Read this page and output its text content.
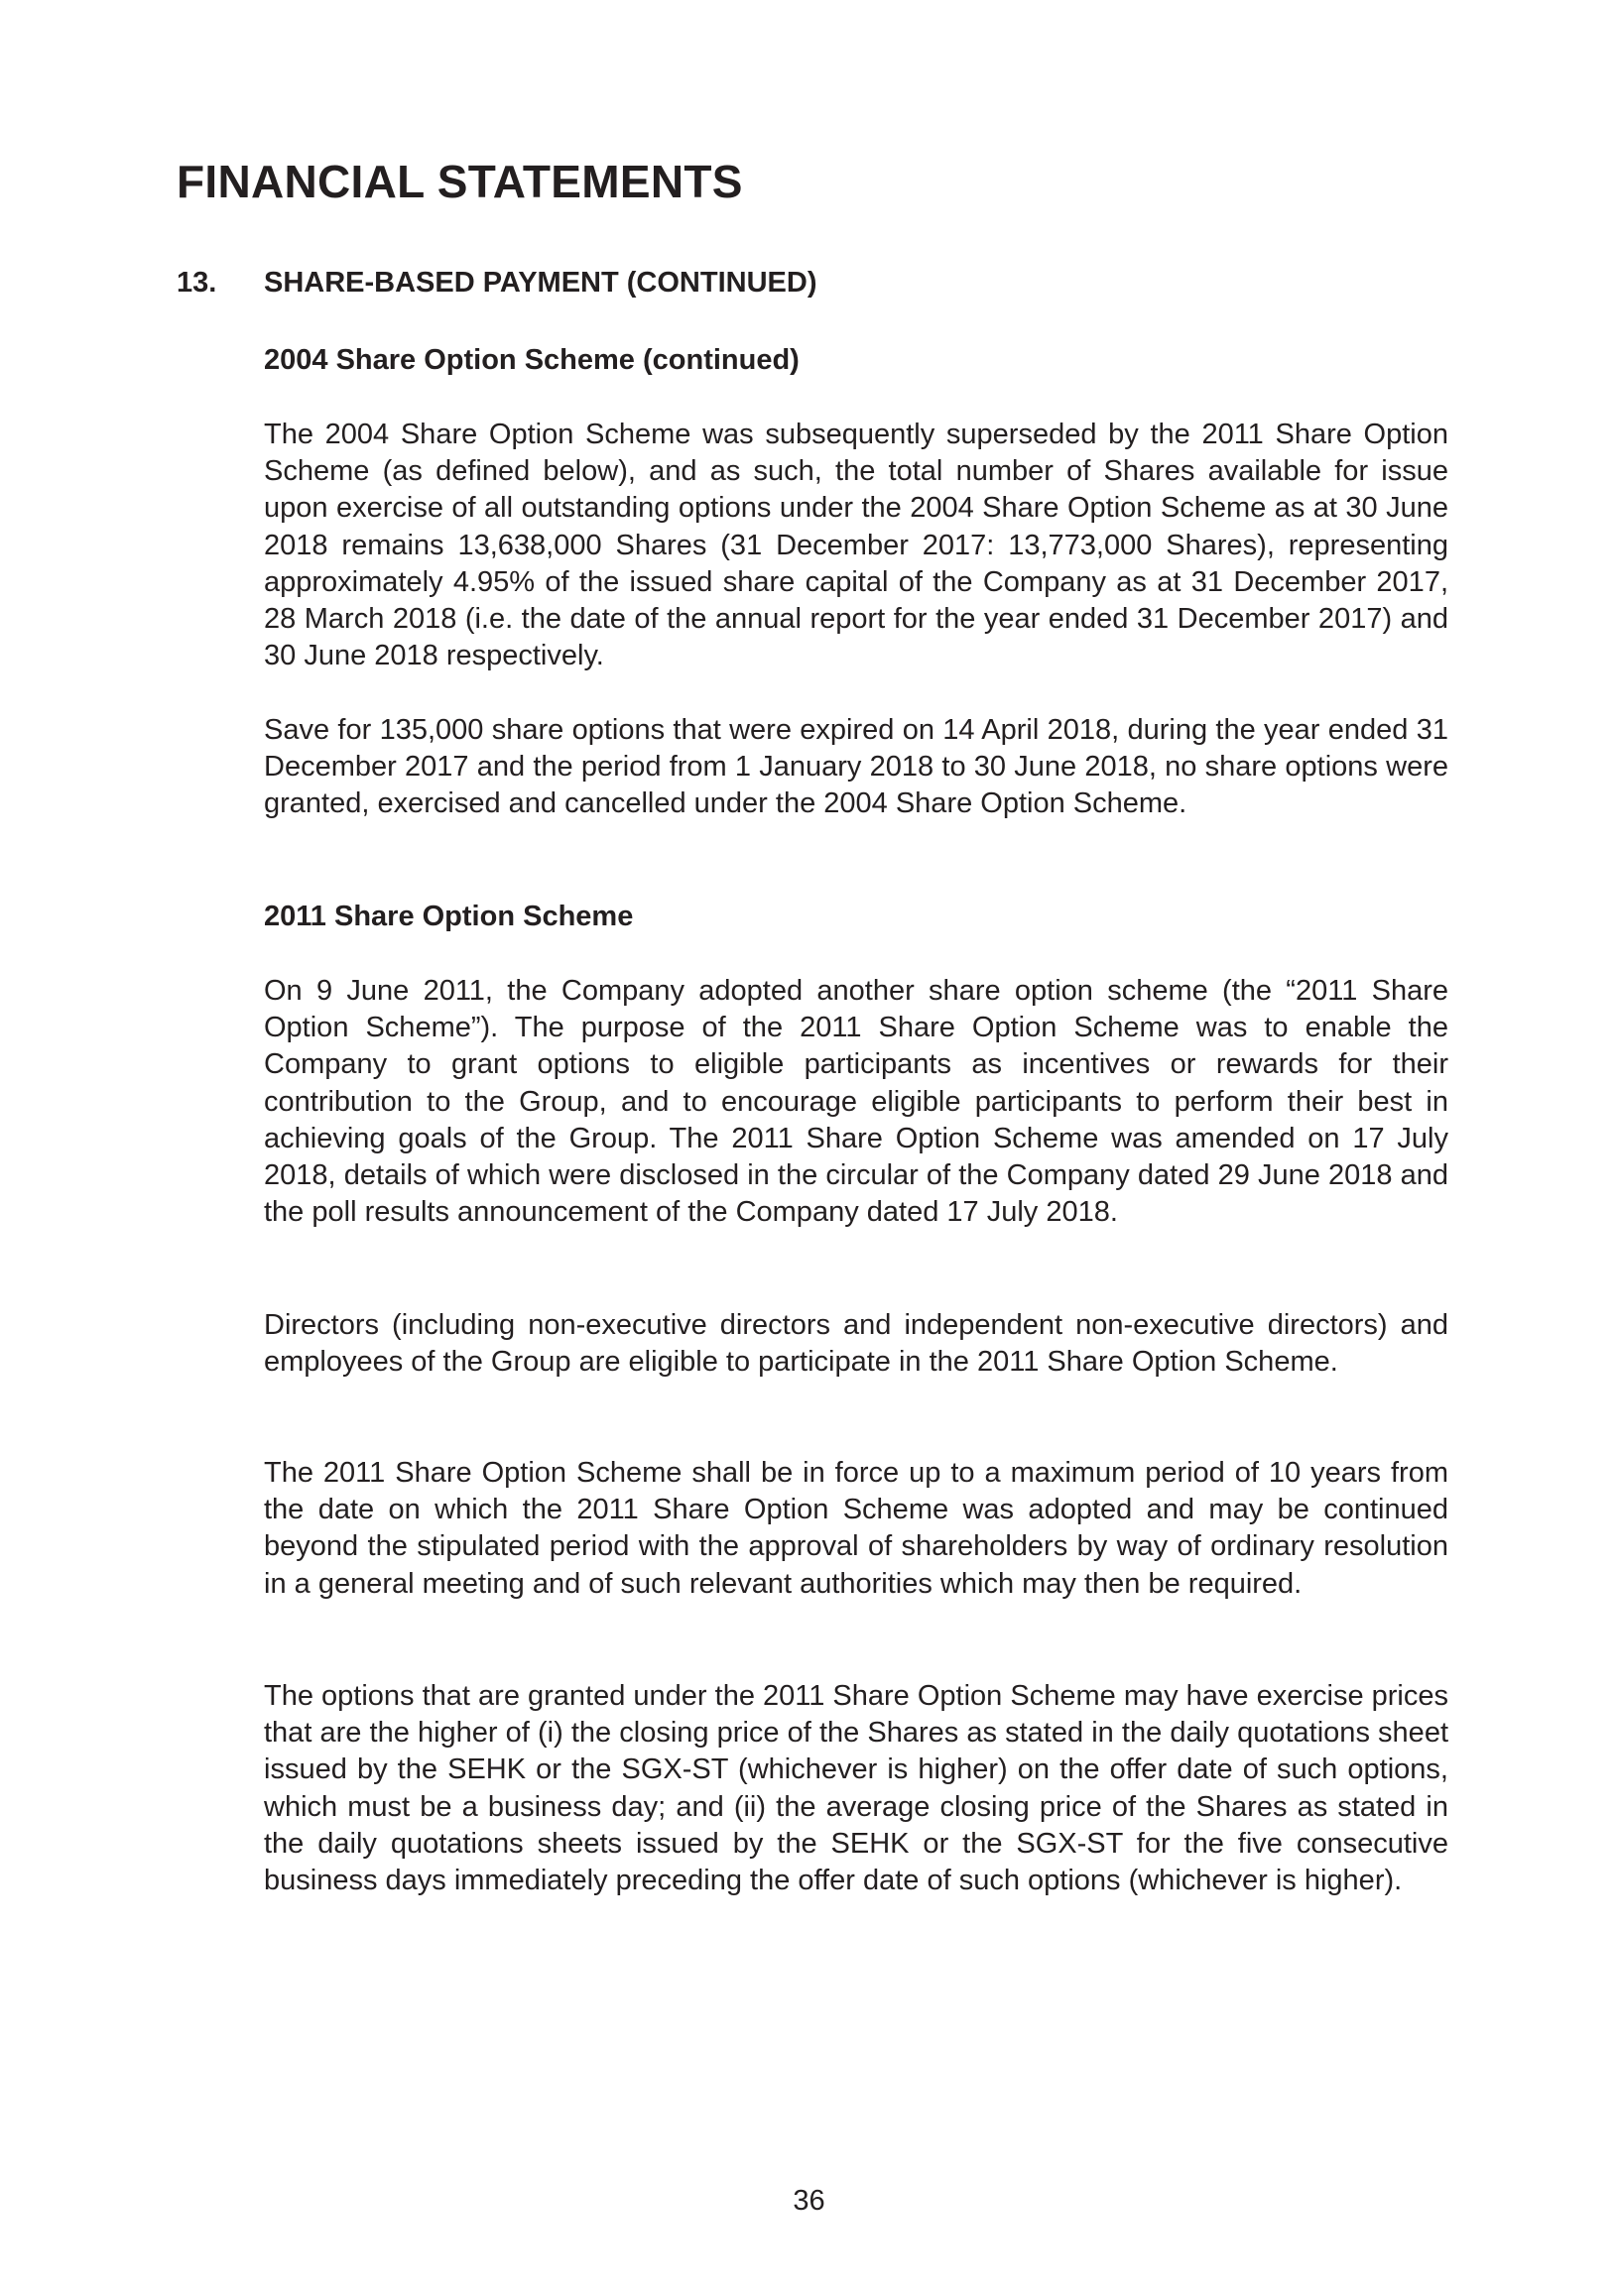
FINANCIAL STATEMENTS
13. SHARE-BASED PAYMENT (CONTINUED)
2004 Share Option Scheme (continued)
The 2004 Share Option Scheme was subsequently superseded by the 2011 Share Option Scheme (as defined below), and as such, the total number of Shares available for issue upon exercise of all outstanding options under the 2004 Share Option Scheme as at 30 June 2018 remains 13,638,000 Shares (31 December 2017: 13,773,000 Shares), representing approximately 4.95% of the issued share capital of the Company as at 31 December 2017, 28 March 2018 (i.e. the date of the annual report for the year ended 31 December 2017) and 30 June 2018 respectively.
Save for 135,000 share options that were expired on 14 April 2018, during the year ended 31 December 2017 and the period from 1 January 2018 to 30 June 2018, no share options were granted, exercised and cancelled under the 2004 Share Option Scheme.
2011 Share Option Scheme
On 9 June 2011, the Company adopted another share option scheme (the “2011 Share Option Scheme”). The purpose of the 2011 Share Option Scheme was to enable the Company to grant options to eligible participants as incentives or rewards for their contribution to the Group, and to encourage eligible participants to perform their best in achieving goals of the Group. The 2011 Share Option Scheme was amended on 17 July 2018, details of which were disclosed in the circular of the Company dated 29 June 2018 and the poll results announcement of the Company dated 17 July 2018.
Directors (including non-executive directors and independent non-executive directors) and employees of the Group are eligible to participate in the 2011 Share Option Scheme.
The 2011 Share Option Scheme shall be in force up to a maximum period of 10 years from the date on which the 2011 Share Option Scheme was adopted and may be continued beyond the stipulated period with the approval of shareholders by way of ordinary resolution in a general meeting and of such relevant authorities which may then be required.
The options that are granted under the 2011 Share Option Scheme may have exercise prices that are the higher of (i) the closing price of the Shares as stated in the daily quotations sheet issued by the SEHK or the SGX-ST (whichever is higher) on the offer date of such options, which must be a business day; and (ii) the average closing price of the Shares as stated in the daily quotations sheets issued by the SEHK or the SGX-ST for the five consecutive business days immediately preceding the offer date of such options (whichever is higher).
36
